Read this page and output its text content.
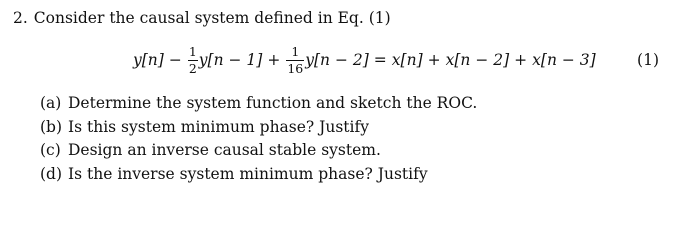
2. Consider the causal system defined in Eq. (1)
$y[n] - \frac{1}{2} y[n - 1] + \frac{1}{16} y[n - 2] = x[n] + x[n - 2] + x[n - 3]$	(1)
(a) Determine the system function and sketch the ROC.
(b) Is this system minimum phase? Justify
(c) Design an inverse causal stable system.
(d) Is the inverse system minimum phase? Justify
